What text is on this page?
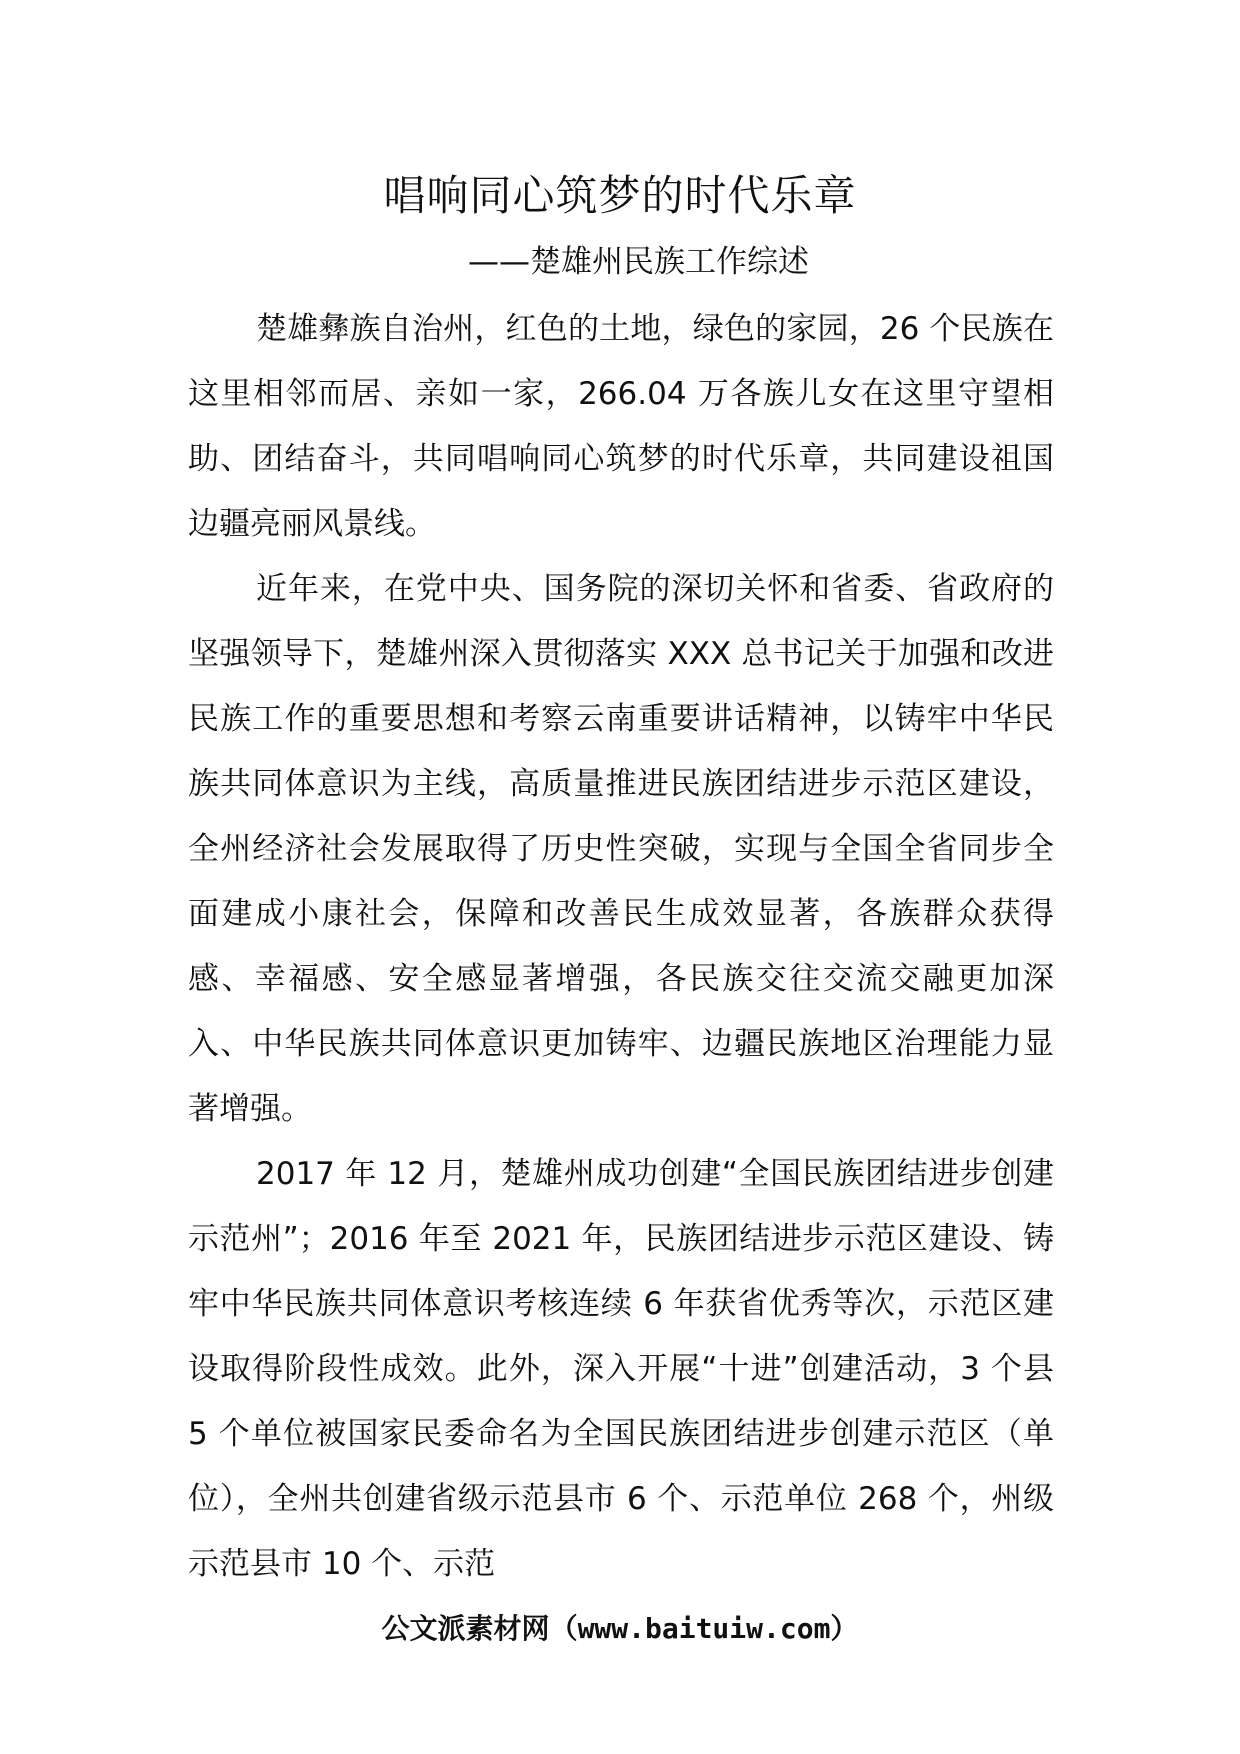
唱响同心筑梦的时代乐章
——楚雄州民族工作综述

楚雄彝族自治州，红色的土地，绿色的家园，26 个民族在这里相邻而居、亲如一家，266.04 万各族儿女在这里守望相助、团结奋斗，共同唱响同心筑梦的时代乐章，共同建设祖国边疆亮丽风景线。

近年来，在党中央、国务院的深切关怀和省委、省政府的坚强领导下，楚雄州深入贯彻落实 XXX 总书记关于加强和改进民族工作的重要思想和考察云南重要讲话精神，以铸牢中华民族共同体意识为主线，高质量推进民族团结进步示范区建设，全州经济社会发展取得了历史性突破，实现与全国全省同步全面建成小康社会，保障和改善民生成效显著，各族群众获得感、幸福感、安全感显著增强，各民族交往交流交融更加深入、中华民族共同体意识更加铸牢、边疆民族地区治理能力显著增强。

2017 年 12 月，楚雄州成功创建“全国民族团结进步创建示范州”；2016 年至 2021 年，民族团结进步示范区建设、铸牢中华民族共同体意识考核连续 6 年获省优秀等次，示范区建设取得阶段性成效。此外，深入开展“十进”创建活动，3 个县 5 个单位被国家民委命名为全国民族团结进步创建示范区（单位），全州共创建省级示范县市 6 个、示范单位 268 个，州级示范县市 10 个、示范

公文派素材网（www.baituiw.com）
